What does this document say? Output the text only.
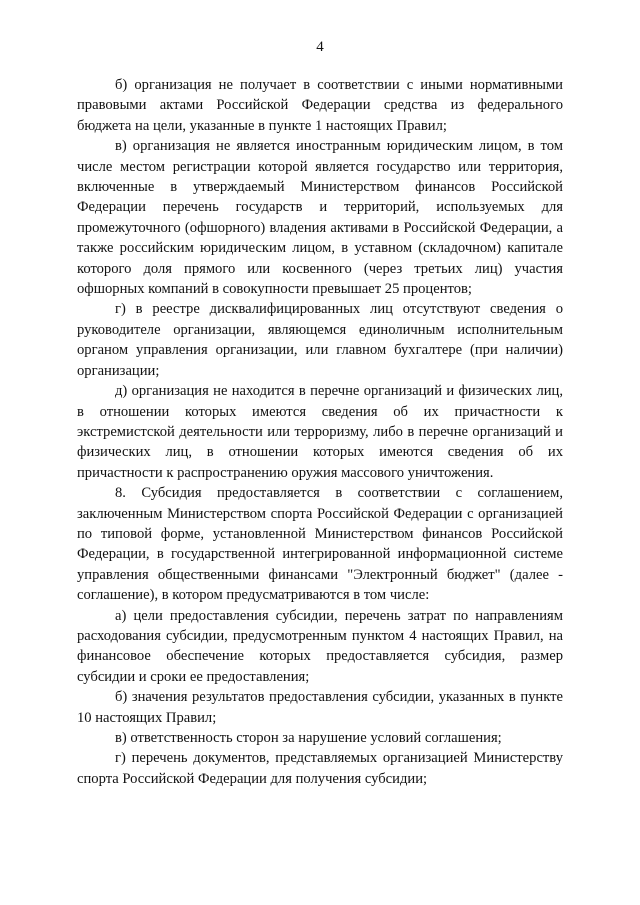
4

б) организация не получает в соответствии с иными нормативными правовыми актами Российской Федерации средства из федерального бюджета на цели, указанные в пункте 1 настоящих Правил;

в) организация не является иностранным юридическим лицом, в том числе местом регистрации которой является государство или территория, включенные в утверждаемый Министерством финансов Российской Федерации перечень государств и территорий, используемых для промежуточного (офшорного) владения активами в Российской Федерации, а также российским юридическим лицом, в уставном (складочном) капитале которого доля прямого или косвенного (через третьих лиц) участия офшорных компаний в совокупности превышает 25 процентов;

г) в реестре дисквалифицированных лиц отсутствуют сведения о руководителе организации, являющемся единоличным исполнительным органом управления организации, или главном бухгалтере (при наличии) организации;

д) организация не находится в перечне организаций и физических лиц, в отношении которых имеются сведения об их причастности к экстремистской деятельности или терроризму, либо в перечне организаций и физических лиц, в отношении которых имеются сведения об их причастности к распространению оружия массового уничтожения.

8. Субсидия предоставляется в соответствии с соглашением, заключенным Министерством спорта Российской Федерации с организацией по типовой форме, установленной Министерством финансов Российской Федерации, в государственной интегрированной информационной системе управления общественными финансами "Электронный бюджет" (далее - соглашение), в котором предусматриваются в том числе:

а) цели предоставления субсидии, перечень затрат по направлениям расходования субсидии, предусмотренным пунктом 4 настоящих Правил, на финансовое обеспечение которых предоставляется субсидия, размер субсидии и сроки ее предоставления;

б) значения результатов предоставления субсидии, указанных в пункте 10 настоящих Правил;

в) ответственность сторон за нарушение условий соглашения;

г) перечень документов, представляемых организацией Министерству спорта Российской Федерации для получения субсидии;
